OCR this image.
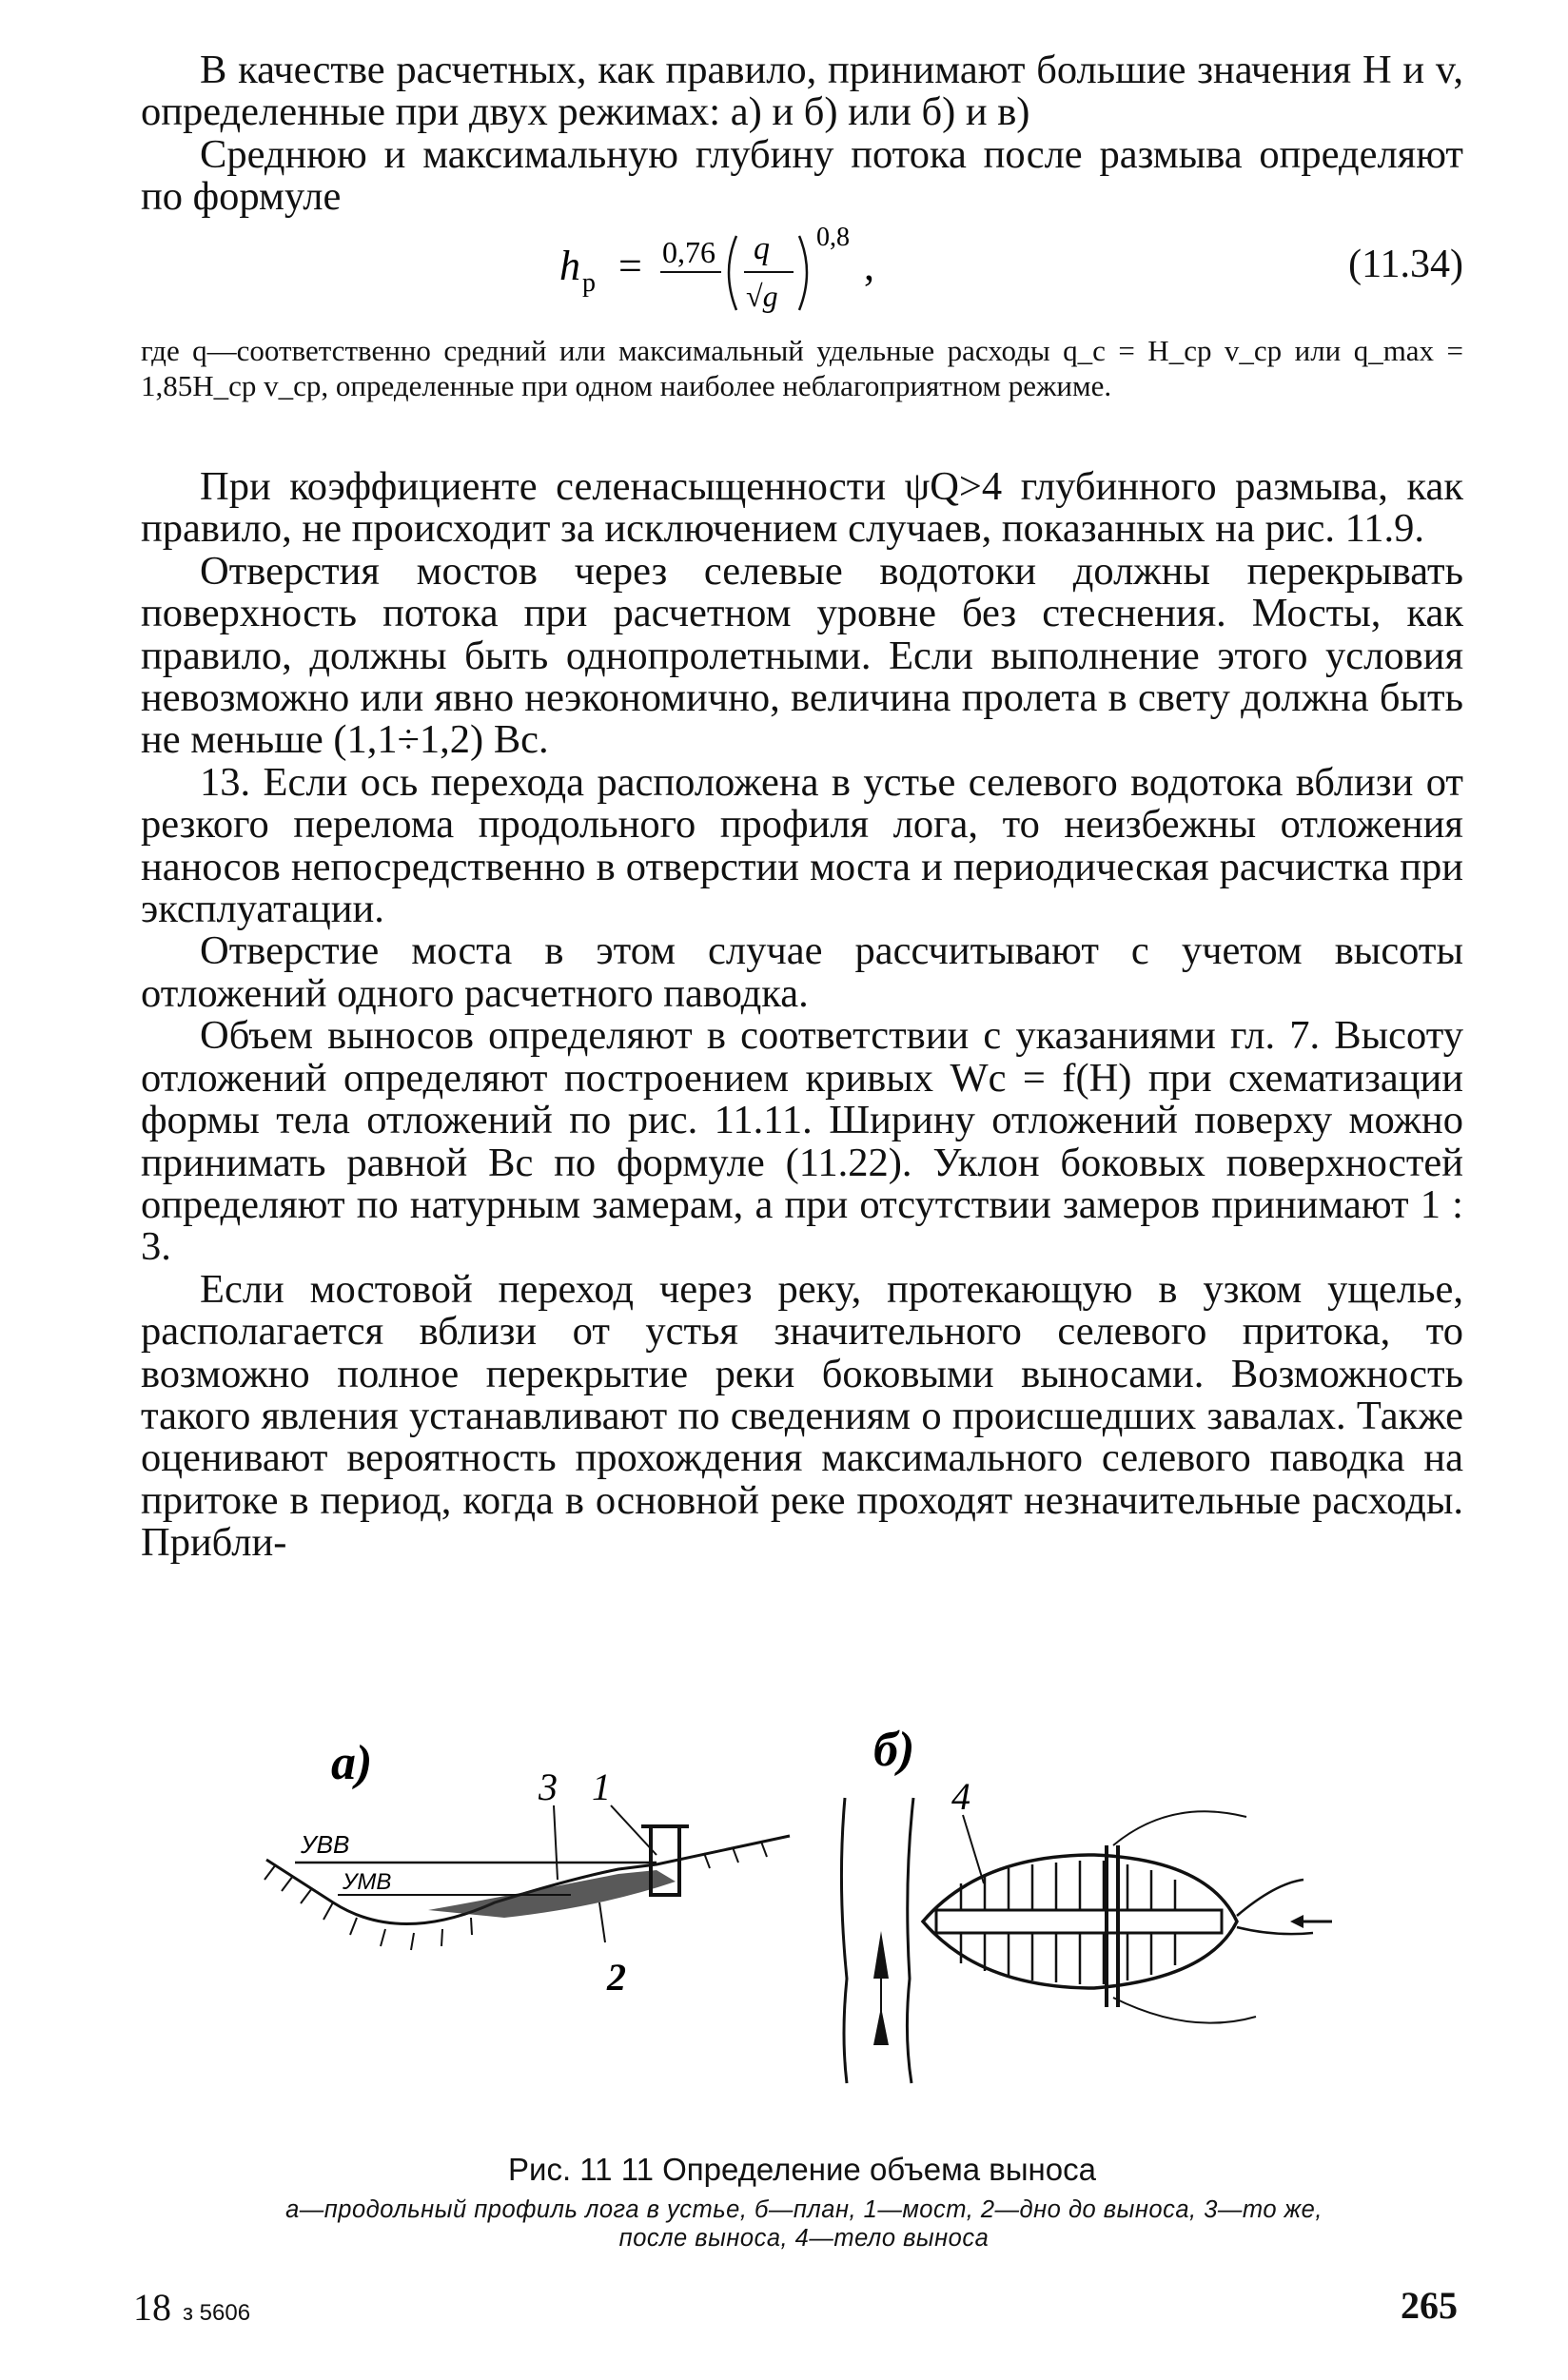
В качестве расчетных, как правило, принимают большие значения H и v, определенные при двух режимах: а) и б) или б) и в)

Среднюю и максимальную глубину потока после размыва определяют по формуле

h р = 0,76 q
√g
0,8
,	(11.34)

где q—соответственно средний или максимальный удельные расходы q_c = H_ср v_ср или q_max = 1,85H_ср v_ср, определенные при одном наиболее неблагоприятном режиме.

При коэффициенте селенасыщенности ψQ>4 глубинного размыва, как правило, не происходит за исключением случаев, показанных на рис. 11.9.

Отверстия мостов через селевые водотоки должны перекрывать поверхность потока при расчетном уровне без стеснения. Мосты, как правило, должны быть однопролетными. Если выполнение этого условия невозможно или явно неэкономично, величина пролета в свету должна быть не меньше (1,1÷1,2) Bc.

13. Если ось перехода расположена в устье селевого водотока вблизи от резкого перелома продольного профиля лога, то неизбежны отложения наносов непосредственно в отверстии моста и периодическая расчистка при эксплуатации.

Отверстие моста в этом случае рассчитывают с учетом высоты отложений одного расчетного паводка.

Объем выносов определяют в соответствии с указаниями гл. 7. Высоту отложений определяют построением кривых Wc = f(H) при схематизации формы тела отложений по рис. 11.11. Ширину отложений поверху можно принимать равной Bc по формуле (11.22). Уклон боковых поверхностей определяют по натурным замерам, а при отсутствии замеров принимают 1 : 3.

Если мостовой переход через реку, протекающую в узком ущелье, располагается вблизи от устья значительного селевого притока, то возможно полное перекрытие реки боковыми выносами. Возможность такого явления устанавливают по сведениям о происшедших завалах. Также оценивают вероятность прохождения максимального селевого паводка на притоке в период, когда в основной реке проходят незначительные расходы. Прибли-

а)
УВВ
УМВ
3 1
2
б)
4
Рис. 11 11 Определение объема выноса
а—продольный профиль лога в устье, б—план, 1—мост, 2—дно до выноса, 3—то же, после выноса, 4—тело выноса
18 з 5606	265
